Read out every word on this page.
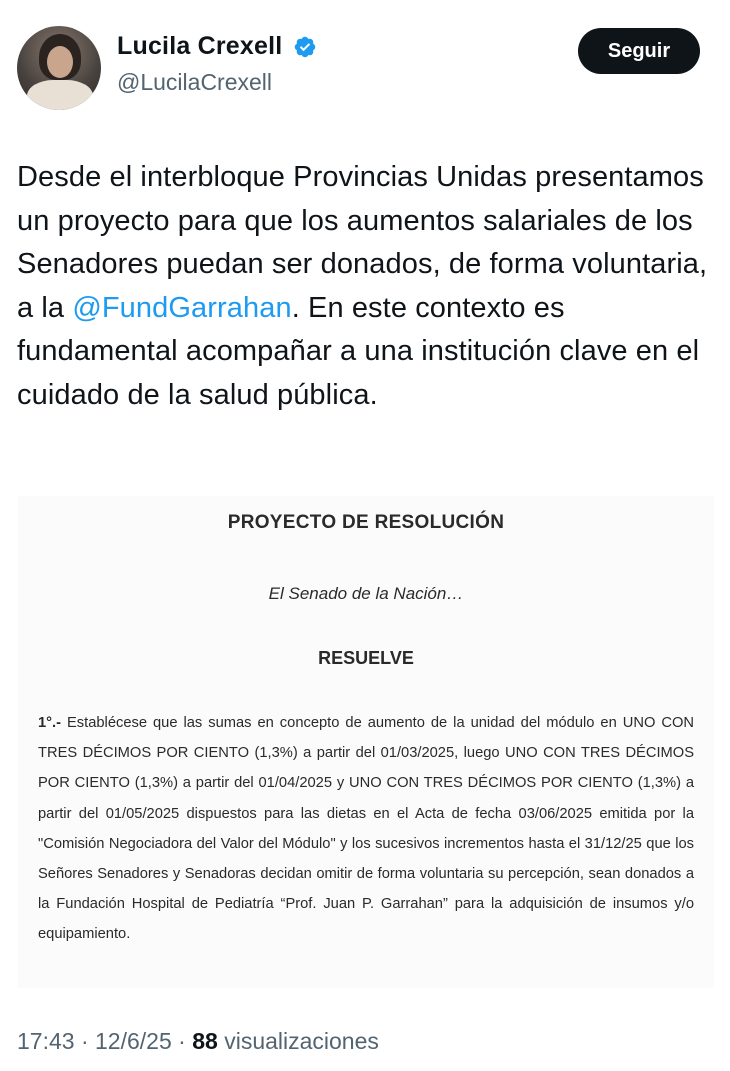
Lucila Crexell
@LucilaCrexell
Seguir
Desde el interbloque Provincias Unidas presentamos un proyecto para que los aumentos salariales de los Senadores puedan ser donados, de forma voluntaria, a la @FundGarrahan. En este contexto es fundamental acompañar a una institución clave en el cuidado de la salud pública.
PROYECTO DE RESOLUCIÓN
El Senado de la Nación…
RESUELVE
1°.- Establécese que las sumas en concepto de aumento de la unidad del módulo en UNO CON TRES DÉCIMOS POR CIENTO (1,3%) a partir del 01/03/2025, luego UNO CON TRES DÉCIMOS POR CIENTO (1,3%) a partir del 01/04/2025 y UNO CON TRES DÉCIMOS POR CIENTO (1,3%) a partir del 01/05/2025 dispuestos para las dietas en el Acta de fecha 03/06/2025 emitida por la "Comisión Negociadora del Valor del Módulo" y los sucesivos incrementos hasta el 31/12/25 que los Señores Senadores y Senadoras decidan omitir de forma voluntaria su percepción, sean donados a la Fundación Hospital de Pediatría “Prof. Juan P. Garrahan” para la adquisición de insumos y/o equipamiento.
17:43 · 12/6/25 · 88 visualizaciones
